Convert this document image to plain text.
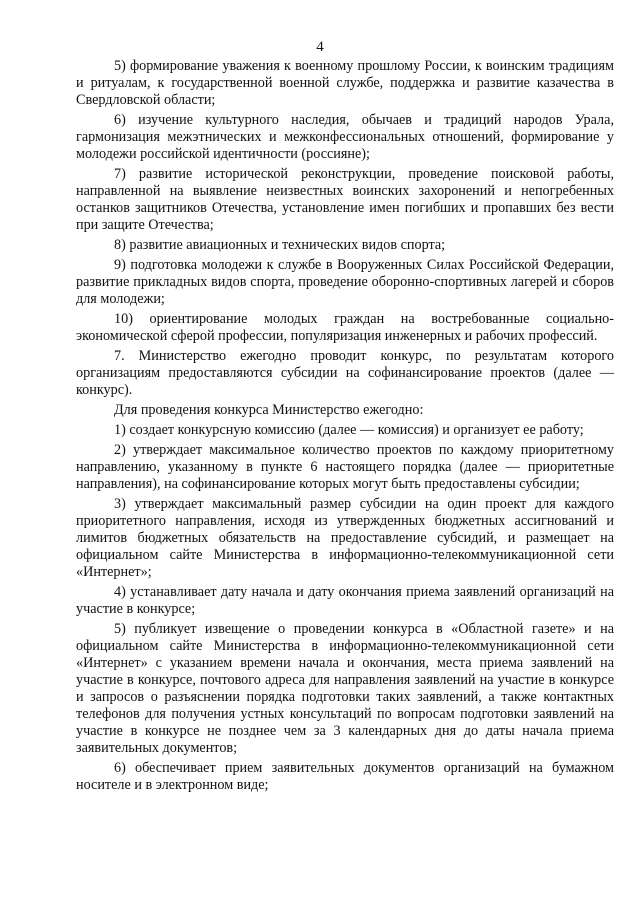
4

5) формирование уважения к военному прошлому России, к воинским традициям и ритуалам, к государственной военной службе, поддержка и развитие казачества в Свердловской области;

6) изучение культурного наследия, обычаев и традиций народов Урала, гармонизация межэтнических и межконфессиональных отношений, формирование у молодежи российской идентичности (россияне);

7) развитие исторической реконструкции, проведение поисковой работы, направленной на выявление неизвестных воинских захоронений и непогребенных останков защитников Отечества, установление имен погибших и пропавших без вести при защите Отечества;

8) развитие авиационных и технических видов спорта;

9) подготовка молодежи к службе в Вооруженных Силах Российской Федерации, развитие прикладных видов спорта, проведение оборонно-спортивных лагерей и сборов для молодежи;

10) ориентирование молодых граждан на востребованные социально-экономической сферой профессии, популяризация инженерных и рабочих профессий.

7. Министерство ежегодно проводит конкурс, по результатам которого организациям предоставляются субсидии на софинансирование проектов (далее — конкурс).

Для проведения конкурса Министерство ежегодно:

1) создает конкурсную комиссию (далее — комиссия) и организует ее работу;

2) утверждает максимальное количество проектов по каждому приоритетному направлению, указанному в пункте 6 настоящего порядка (далее — приоритетные направления), на софинансирование которых могут быть предоставлены субсидии;

3) утверждает максимальный размер субсидии на один проект для каждого приоритетного направления, исходя из утвержденных бюджетных ассигнований и лимитов бюджетных обязательств на предоставление субсидий, и размещает на официальном сайте Министерства в информационно-телекоммуникационной сети «Интернет»;

4) устанавливает дату начала и дату окончания приема заявлений организаций на участие в конкурсе;

5) публикует извещение о проведении конкурса в «Областной газете» и на официальном сайте Министерства в информационно-телекоммуникационной сети «Интернет» с указанием времени начала и окончания, места приема заявлений на участие в конкурсе, почтового адреса для направления заявлений на участие в конкурсе и запросов о разъяснении порядка подготовки таких заявлений, а также контактных телефонов для получения устных консультаций по вопросам подготовки заявлений на участие в конкурсе не позднее чем за 3 календарных дня до даты начала приема заявительных документов;

6) обеспечивает прием заявительных документов организаций на бумажном носителе и в электронном виде;
